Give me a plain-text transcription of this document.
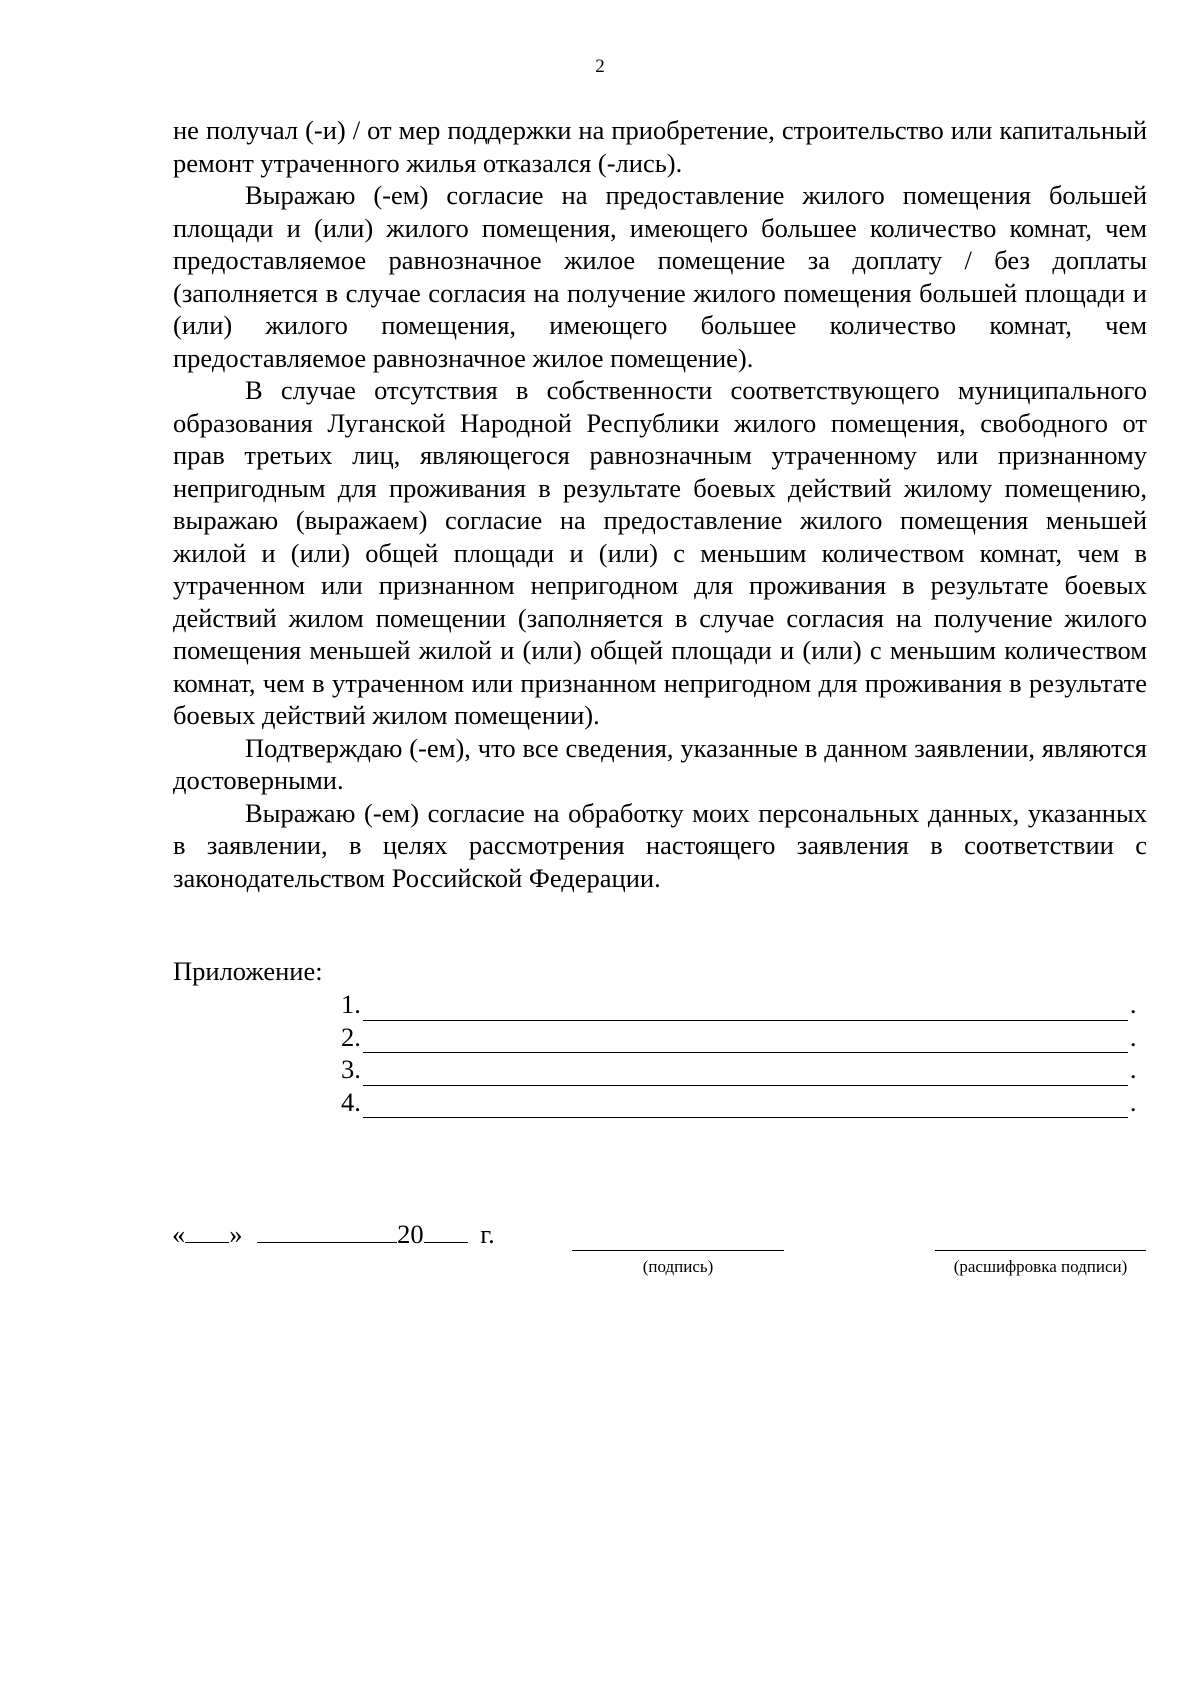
2

не получал (-и) / от мер поддержки на приобретение, строительство или капитальный ремонт утраченного жилья отказался (-лись).

Выражаю (-ем) согласие на предоставление жилого помещения большей площади и (или) жилого помещения, имеющего большее количество комнат, чем предоставляемое равнозначное жилое помещение за доплату / без доплаты (заполняется в случае согласия на получение жилого помещения большей площади и (или) жилого помещения, имеющего большее количество комнат, чем предоставляемое равнозначное жилое помещение).

В случае отсутствия в собственности соответствующего муниципального образования Луганской Народной Республики жилого помещения, свободного от прав третьих лиц, являющегося равнозначным утраченному или признанному непригодным для проживания в результате боевых действий жилому помещению, выражаю (выражаем) согласие на предоставление жилого помещения меньшей жилой и (или) общей площади и (или) с меньшим количеством комнат, чем в утраченном или признанном непригодном для проживания в результате боевых действий жилом помещении (заполняется в случае согласия на получение жилого помещения меньшей жилой и (или) общей площади и (или) с меньшим количеством комнат, чем в утраченном или признанном непригодном для проживания в результате боевых действий жилом помещении).

Подтверждаю (-ем), что все сведения, указанные в данном заявлении, являются достоверными.

Выражаю (-ем) согласие на обработку моих персональных данных, указанных в заявлении, в целях рассмотрения настоящего заявления в соответствии с законодательством Российской Федерации.

Приложение:
1.	.
2.	.
3.	.
4.	.
« »	20 г.
(подпись)	(расшифровка подписи)
